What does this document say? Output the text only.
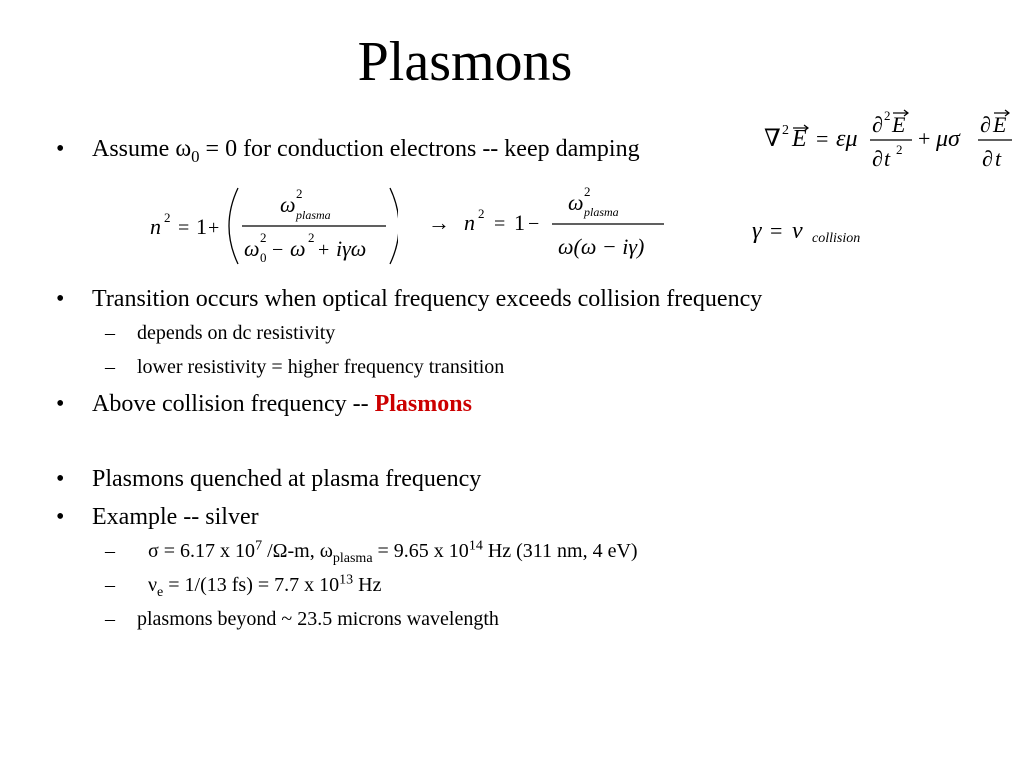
Plasmons
• Assume $\omega_0 = 0$ for conduction electrons -- keep damping	∇ 2 E = εμ
∂ 2 E
∂ t 2 + μσ
∂ E
∂ t
n 2 = 1 +
ω 2
plasma
ω 2
0 − ω 2
+ iγω
→ n 2 = 1 −
ω 2
plasma
ω(ω − iγ)
γ = ν collision
• Transition occurs when optical frequency exceeds collision frequency
– depends on dc resistivity
– lower resistivity = higher frequency transition
• Above collision frequency -- Plasmons
• Plasmons quenched at plasma frequency
• Example -- silver
– σ = 6.17 x $10^7$ /Ω-m, $\omega_{plasma} = 9.65$ x $10^{14}$ Hz (311 nm, 4 eV)
– $\nu_e = 1/(13$ fs) = 7.7 x $10^{13}$ Hz
– plasmons beyond ~ 23.5 microns wavelength
